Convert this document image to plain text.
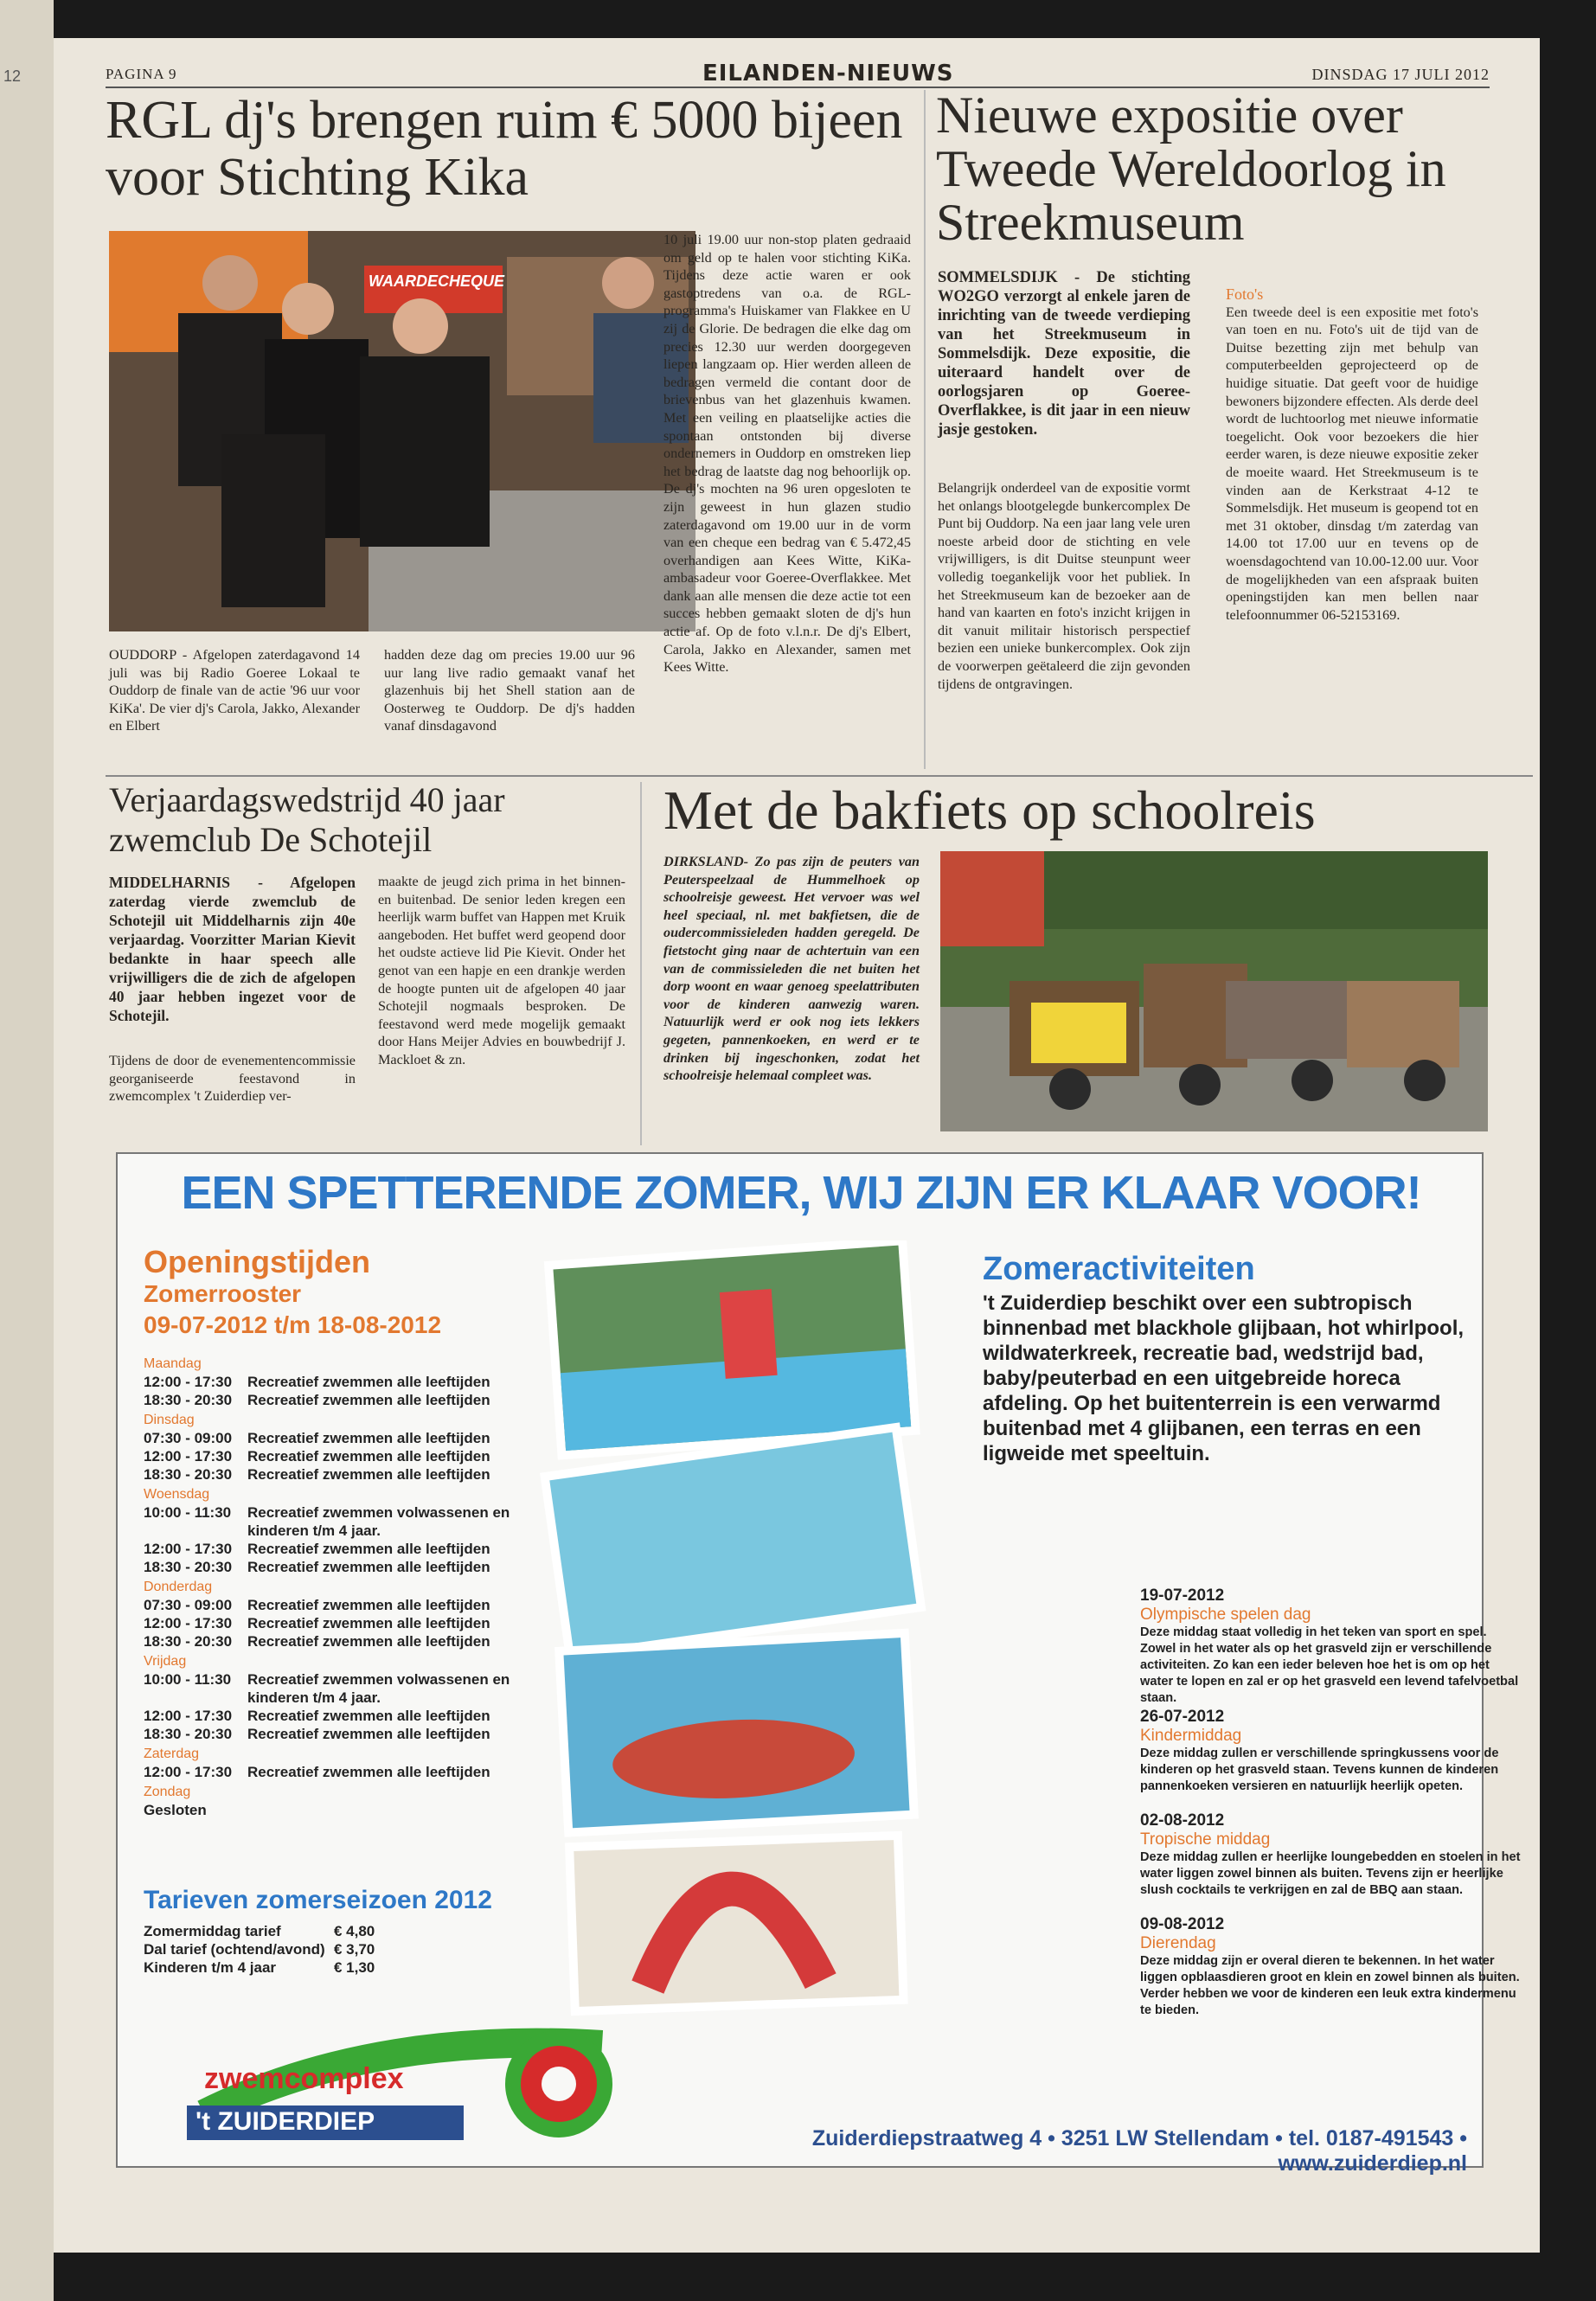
12	PAGINA 9	EILANDEN-NIEUWS	DINSDAG 17 JULI 2012
RGL dj's brengen ruim € 5000 bijeen voor Stichting Kika
WAARDECHEQUE
OUDDORP - Afgelopen zaterdagavond 14 juli was bij Radio Goeree Lokaal te Ouddorp de finale van de actie '96 uur voor KiKa'. De vier dj's Carola, Jakko, Alexander en Elbert
hadden deze dag om precies 19.00 uur 96 uur lang live radio gemaakt vanaf het glazenhuis bij het Shell station aan de Oosterweg te Ouddorp. De dj's hadden vanaf dinsdagavond
10 juli 19.00 uur non-stop platen gedraaid om geld op te halen voor stichting KiKa. Tijdens deze actie waren er ook gastoptredens van o.a. de RGL-programma's Huiskamer van Flakkee en U zij de Glorie. De bedragen die elke dag om precies 12.30 uur werden doorgegeven liepen langzaam op. Hier werden alleen de bedragen vermeld die contant door de brievenbus van het glazenhuis kwamen. Met een veiling en plaatselijke acties die spontaan ontstonden bij diverse ondernemers in Ouddorp en omstreken liep het bedrag de laatste dag nog behoorlijk op. De dj's mochten na 96 uren opgesloten te zijn geweest in hun glazen studio zaterdagavond om 19.00 uur in de vorm van een cheque een bedrag van € 5.472,45 overhandigen aan Kees Witte, KiKa-ambasadeur voor Goeree-Overflakkee. Met dank aan alle mensen die deze actie tot een succes hebben gemaakt sloten de dj's hun actie af. Op de foto v.l.n.r. De dj's Elbert, Carola, Jakko en Alexander, samen met Kees Witte.
Nieuwe expositie over Tweede Wereldoorlog in Streekmuseum
SOMMELSDIJK - De stichting WO2GO verzorgt al enkele jaren de inrichting van de tweede verdieping van het Streekmuseum in Sommelsdijk. Deze expositie, die uiteraard handelt over de oorlogsjaren op Goeree-Overflakkee, is dit jaar in een nieuw jasje gestoken.
Belangrijk onderdeel van de expositie vormt het onlangs blootgelegde bunkercomplex De Punt bij Ouddorp. Na een jaar lang vele uren noeste arbeid door de stichting en vele vrijwilligers, is dit Duitse steunpunt weer volledig toegankelijk voor het publiek. In het Streekmuseum kan de bezoeker aan de hand van kaarten en foto's inzicht krijgen in dit vanuit militair historisch perspectief bezien een unieke bunkercomplex. Ook zijn de voorwerpen geëtaleerd die zijn gevonden tijdens de ontgravingen.
Foto's
Een tweede deel is een expositie met foto's van toen en nu. Foto's uit de tijd van de Duitse bezetting zijn met behulp van computerbeelden geprojecteerd op de huidige situatie. Dat geeft voor de huidige bewoners bijzondere effecten. Als derde deel wordt de luchtoorlog met nieuwe informatie toegelicht. Ook voor bezoekers die hier eerder waren, is deze nieuwe expositie zeker de moeite waard. Het Streekmuseum is te vinden aan de Kerkstraat 4-12 te Sommelsdijk. Het museum is geopend tot en met 31 oktober, dinsdag t/m zaterdag van 14.00 tot 17.00 uur en tevens op de woensdagochtend van 10.00-12.00 uur. Voor de mogelijkheden van een afspraak buiten openingstijden kan men bellen naar telefoonnummer 06-52153169.
Verjaardagswedstrijd 40 jaar zwemclub De Schotejil
MIDDELHARNIS - Afgelopen zaterdag vierde zwemclub de Schotejil uit Middelharnis zijn 40e verjaardag. Voorzitter Marian Kievit bedankte in haar speech alle vrijwilligers die de zich de afgelopen 40 jaar hebben ingezet voor de Schotejil.
Tijdens de door de evenementencommissie georganiseerde feestavond in zwemcomplex 't Zuiderdiep ver-
maakte de jeugd zich prima in het binnen- en buitenbad. De senior leden kregen een heerlijk warm buffet van Happen met Kruik aangeboden. Het buffet werd geopend door het oudste actieve lid Pie Kievit. Onder het genot van een hapje en een drankje werden de hoogte punten uit de afgelopen 40 jaar Schotejil nogmaals besproken. De feestavond werd mede mogelijk gemaakt door Hans Meijer Advies en bouwbedrijf J. Mackloet & zn.
Met de bakfiets op schoolreis
DIRKSLAND- Zo pas zijn de peuters van Peuterspeelzaal de Hummelhoek op schoolreisje geweest. Het vervoer was wel heel speciaal, nl. met bakfietsen, die de oudercommissieleden hadden geregeld. De fietstocht ging naar de achtertuin van een van de commissieleden die net buiten het dorp woont en waar genoeg speelattributen voor de kinderen aanwezig waren. Natuurlijk werd er ook nog iets lekkers gegeten, pannenkoeken, en werd er te drinken bij ingeschonken, zodat het schoolreisje helemaal compleet was.
EEN SPETTERENDE ZOMER, WIJ ZIJN ER KLAAR VOOR!
Openingstijden
Zomerrooster
09-07-2012 t/m 18-08-2012
Maandag
12:00 - 17:30	Recreatief zwemmen alle leeftijden
18:30 - 20:30	Recreatief zwemmen alle leeftijden
Dinsdag
07:30 - 09:00	Recreatief zwemmen alle leeftijden
12:00 - 17:30	Recreatief zwemmen alle leeftijden
18:30 - 20:30	Recreatief zwemmen alle leeftijden
Woensdag
10:00 - 11:30	Recreatief zwemmen volwassenen en kinderen t/m 4 jaar.
12:00 - 17:30	Recreatief zwemmen alle leeftijden
18:30 - 20:30	Recreatief zwemmen alle leeftijden
Donderdag
07:30 - 09:00	Recreatief zwemmen alle leeftijden
12:00 - 17:30	Recreatief zwemmen alle leeftijden
18:30 - 20:30	Recreatief zwemmen alle leeftijden
Vrijdag
10:00 - 11:30	Recreatief zwemmen volwassenen en kinderen t/m 4 jaar.
12:00 - 17:30	Recreatief zwemmen alle leeftijden
18:30 - 20:30	Recreatief zwemmen alle leeftijden
Zaterdag
12:00 - 17:30	Recreatief zwemmen alle leeftijden
Zondag
Gesloten
Tarieven zomerseizoen 2012
Zomermiddag tarief	€ 4,80
Dal tarief (ochtend/avond) € 3,70
Kinderen t/m 4 jaar	€ 1,30
zwemcomplex
't ZUIDERDIEP
Zomeractiviteiten
't Zuiderdiep beschikt over een subtropisch binnenbad met blackhole glijbaan, hot whirlpool, wildwaterkreek, recreatie bad, wedstrijd bad, baby/peuterbad en een uitgebreide horeca afdeling. Op het buitenterrein is een verwarmd buitenbad met 4 glijbanen, een terras en een ligweide met speeltuin.
19-07-2012
Olympische spelen dag
Deze middag staat volledig in het teken van sport en spel. Zowel in het water als op het grasveld zijn er verschillende activiteiten. Zo kan een ieder beleven hoe het is om op het water te lopen en zal er op het grasveld een levend tafelvoetbal staan.
26-07-2012
Kindermiddag
Deze middag zullen er verschillende springkussens voor de kinderen op het grasveld staan. Tevens kunnen de kinderen pannenkoeken versieren en natuurlijk heerlijk opeten.
02-08-2012
Tropische middag
Deze middag zullen er heerlijke loungebedden en stoelen in het water liggen zowel binnen als buiten. Tevens zijn er heerlijke slush cocktails te verkrijgen en zal de BBQ aan staan.
09-08-2012
Dierendag
Deze middag zijn er overal dieren te bekennen. In het water liggen opblaasdieren groot en klein en zowel binnen als buiten. Verder hebben we voor de kinderen een leuk extra kindermenu te bieden.
Zuiderdiepstraatweg 4 • 3251 LW Stellendam • tel. 0187-491543 • www.zuiderdiep.nl
